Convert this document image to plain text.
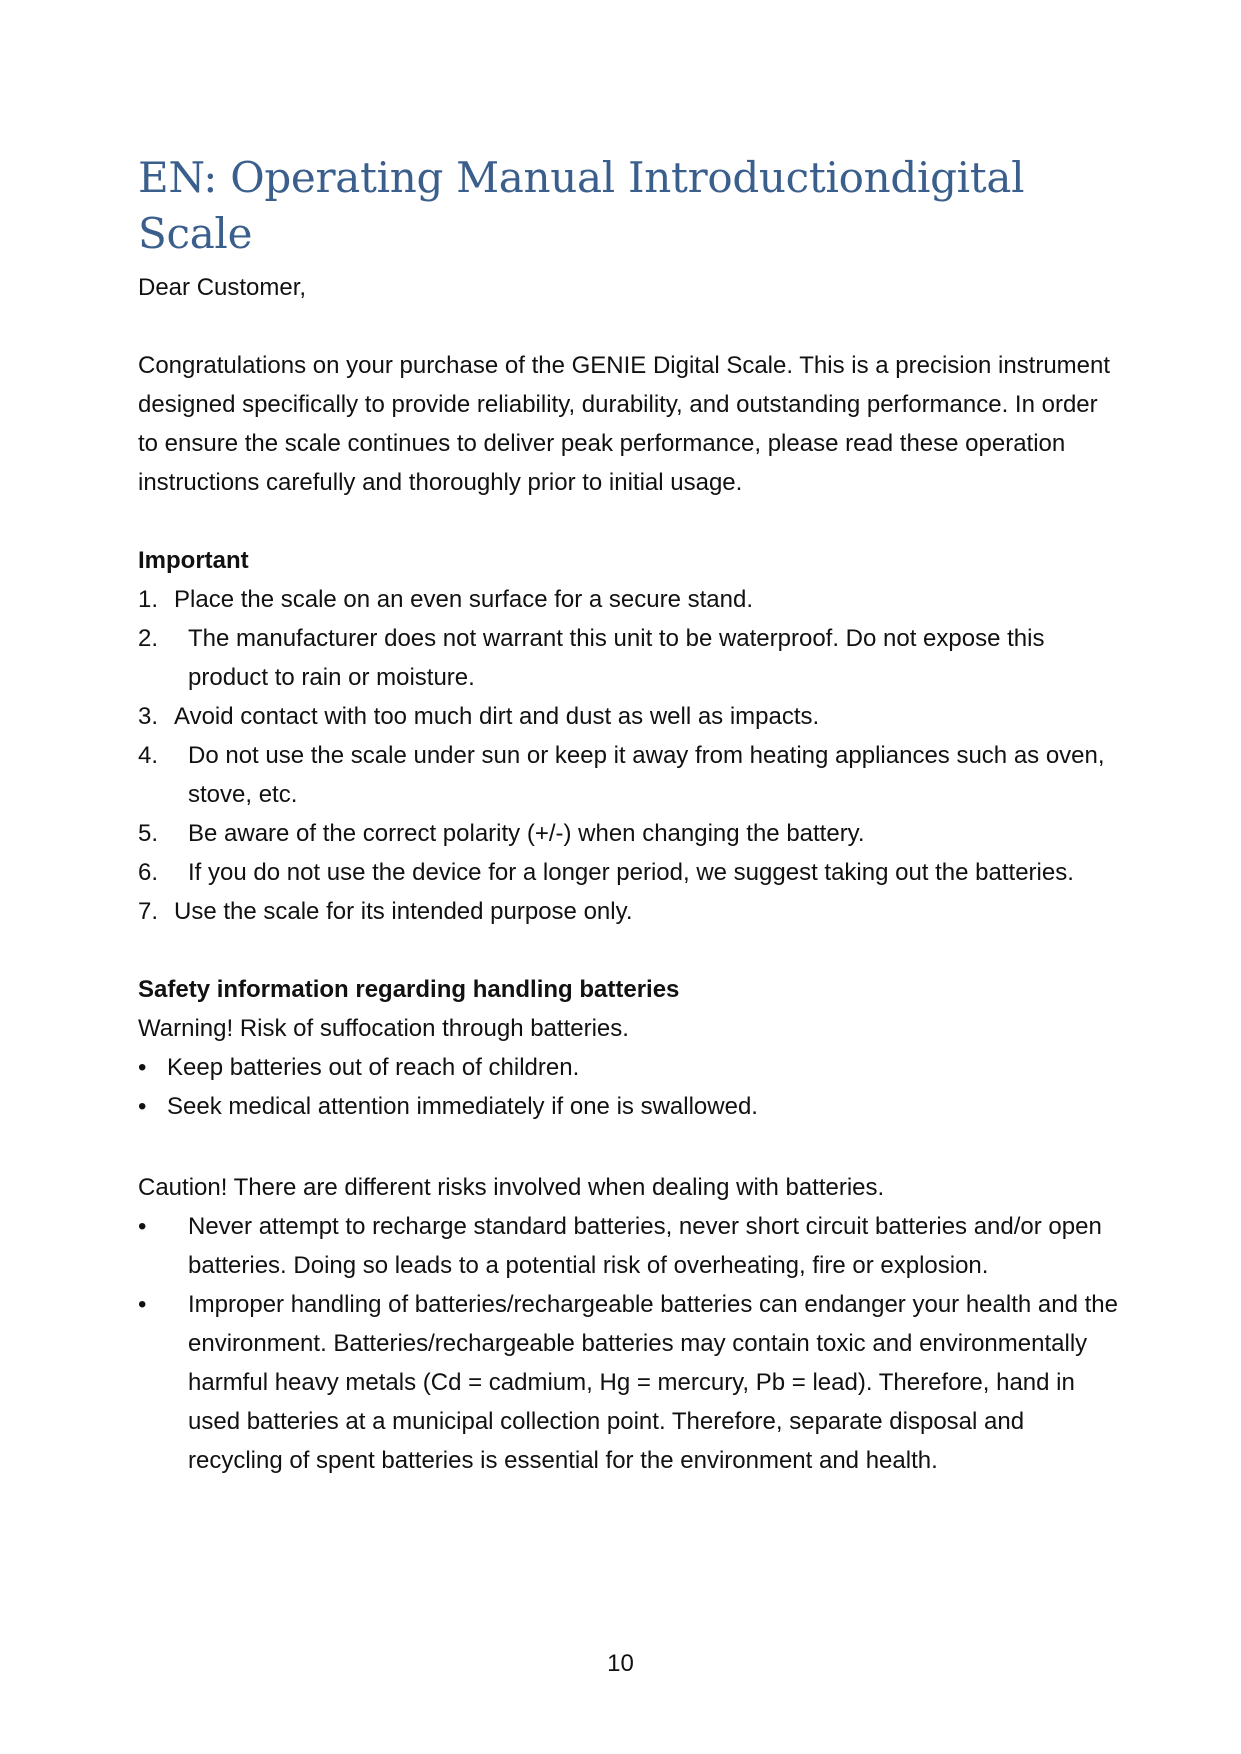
EN: Operating Manual Introductiondigital Scale

Dear Customer,

Congratulations on your purchase of the GENIE Digital Scale. This is a precision instrument designed specifically to provide reliability, durability, and outstanding performance. In order to ensure the scale continues to deliver peak performance, please read these operation instructions carefully and thoroughly prior to initial usage.

Important

1. Place the scale on an even surface for a secure stand.
2.	The manufacturer does not warrant this unit to be waterproof. Do not expose this product to rain or moisture.
3. Avoid contact with too much dirt and dust as well as impacts.
4.	Do not use the scale under sun or keep it away from heating appliances such as oven, stove, etc.
5.	Be aware of the correct polarity (+/-) when changing the battery.
6.	If you do not use the device for a longer period, we suggest taking out the batteries.
7. Use the scale for its intended purpose only.

Safety information regarding handling batteries

Warning! Risk of suffocation through batteries.

• Keep batteries out of reach of children.
• Seek medical attention immediately if one is swallowed.

Caution! There are different risks involved when dealing with batteries.

•	Never attempt to recharge standard batteries, never short circuit batteries and/or open batteries. Doing so leads to a potential risk of overheating, fire or explosion.
•	Improper handling of batteries/rechargeable batteries can endanger your health and the environment. Batteries/rechargeable batteries may contain toxic and environmentally harmful heavy metals (Cd = cadmium, Hg = mercury, Pb = lead). Therefore, hand in used batteries at a municipal collection point. Therefore, separate disposal and recycling of spent batteries is essential for the environment and health.
10
